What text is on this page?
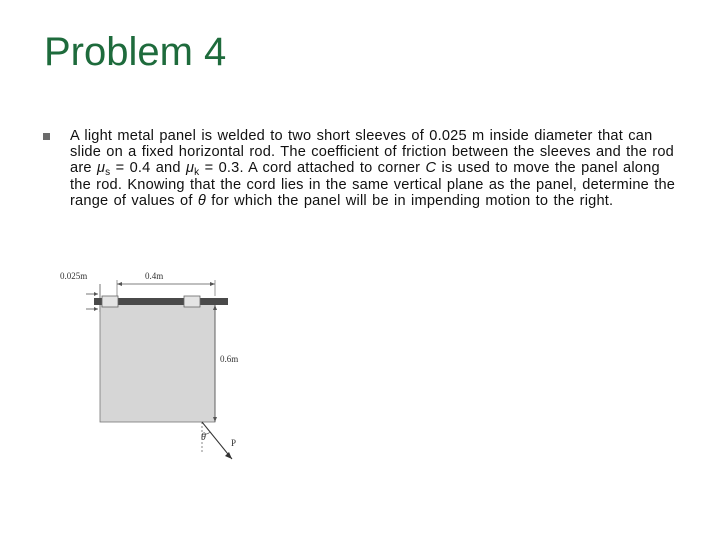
Problem 4
A light metal panel is welded to two short sleeves of 0.025 m inside diameter that can slide on a fixed horizontal rod. The coefficient of friction between the sleeves and the rod are $\mu_s = 0.4$ and $\mu_k = 0.3$. A cord attached to corner C is used to move the panel along the rod. Knowing that the cord lies in the same vertical plane as the panel, determine the range of values of θ for which the panel will be in impending motion to the right.
0.025m	0.4m
0.6m
θ	P
